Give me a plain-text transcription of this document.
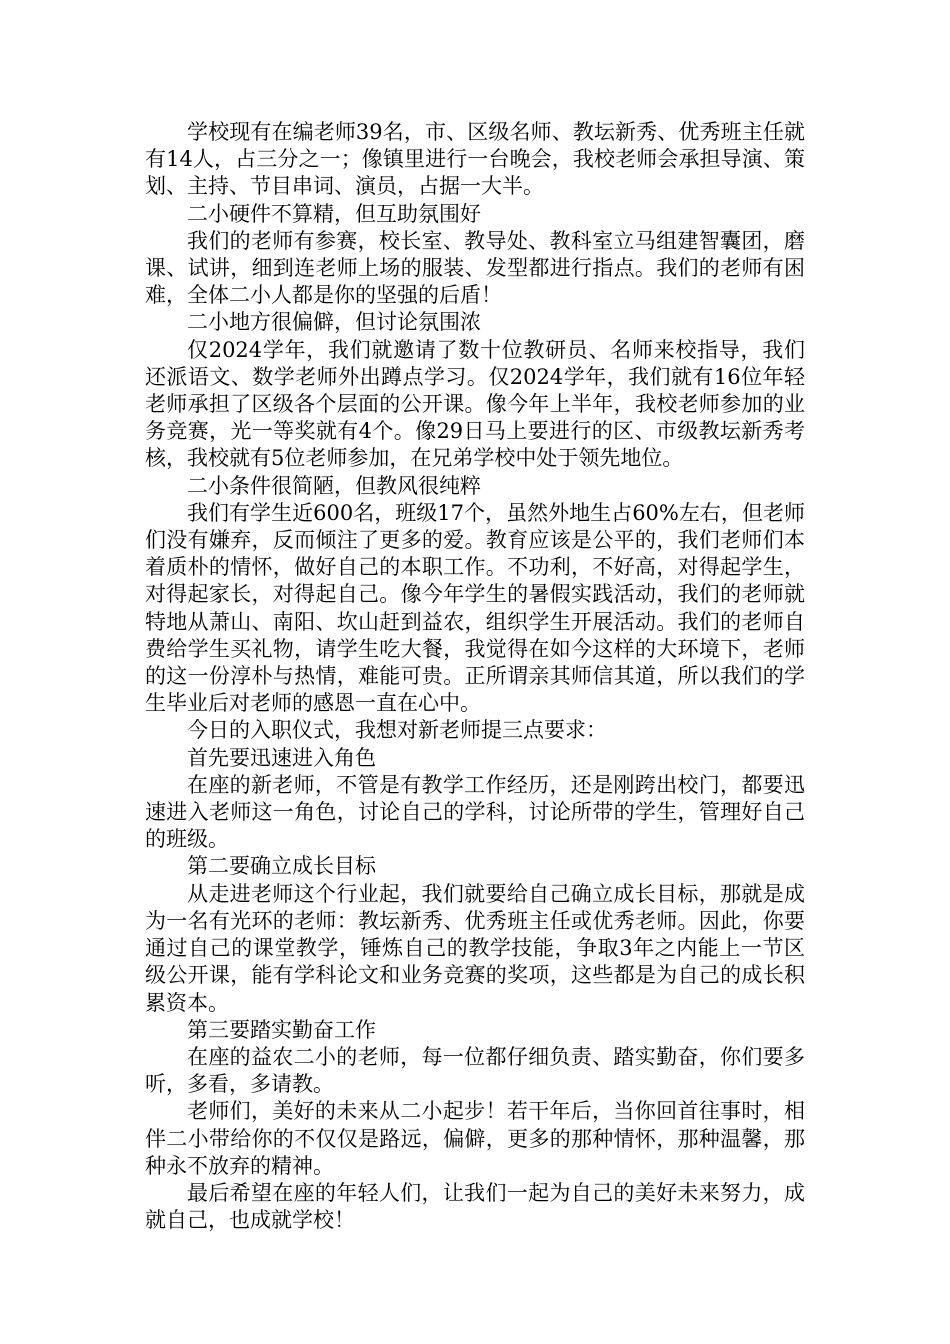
学校现有在编老师39名，市、区级名师、教坛新秀、优秀班主任就有14人，占三分之一；像镇里进行一台晚会，我校老师会承担导演、策划、主持、节目串词、演员，占据一大半。

二小硬件不算精，但互助氛围好

我们的老师有参赛，校长室、教导处、教科室立马组建智囊团，磨课、试讲，细到连老师上场的服装、发型都进行指点。我们的老师有困难，全体二小人都是你的坚强的后盾！

二小地方很偏僻，但讨论氛围浓

仅2024学年，我们就邀请了数十位教研员、名师来校指导，我们还派语文、数学老师外出蹲点学习。仅2024学年，我们就有16位年轻老师承担了区级各个层面的公开课。像今年上半年，我校老师参加的业务竞赛，光一等奖就有4个。像29日马上要进行的区、市级教坛新秀考核，我校就有5位老师参加，在兄弟学校中处于领先地位。

二小条件很简陋，但教风很纯粹

我们有学生近600名，班级17个，虽然外地生占60%左右，但老师们没有嫌弃，反而倾注了更多的爱。教育应该是公平的，我们老师们本着质朴的情怀，做好自己的本职工作。不功利，不好高，对得起学生，对得起家长，对得起自己。像今年学生的暑假实践活动，我们的老师就特地从萧山、南阳、坎山赶到益农，组织学生开展活动。我们的老师自费给学生买礼物，请学生吃大餐，我觉得在如今这样的大环境下，老师的这一份淳朴与热情，难能可贵。正所谓亲其师信其道，所以我们的学生毕业后对老师的感恩一直在心中。

今日的入职仪式，我想对新老师提三点要求：

首先要迅速进入角色

在座的新老师，不管是有教学工作经历，还是刚跨出校门，都要迅速进入老师这一角色，讨论自己的学科，讨论所带的学生，管理好自己的班级。

第二要确立成长目标

从走进老师这个行业起，我们就要给自己确立成长目标，那就是成为一名有光环的老师：教坛新秀、优秀班主任或优秀老师。因此，你要通过自己的课堂教学，锤炼自己的教学技能，争取3年之内能上一节区级公开课，能有学科论文和业务竞赛的奖项，这些都是为自己的成长积累资本。

第三要踏实勤奋工作

在座的益农二小的老师，每一位都仔细负责、踏实勤奋，你们要多听，多看，多请教。

老师们，美好的未来从二小起步！若干年后，当你回首往事时，相伴二小带给你的不仅仅是路远，偏僻，更多的那种情怀，那种温馨，那种永不放弃的精神。

最后希望在座的年轻人们，让我们一起为自己的美好未来努力，成就自己，也成就学校！
